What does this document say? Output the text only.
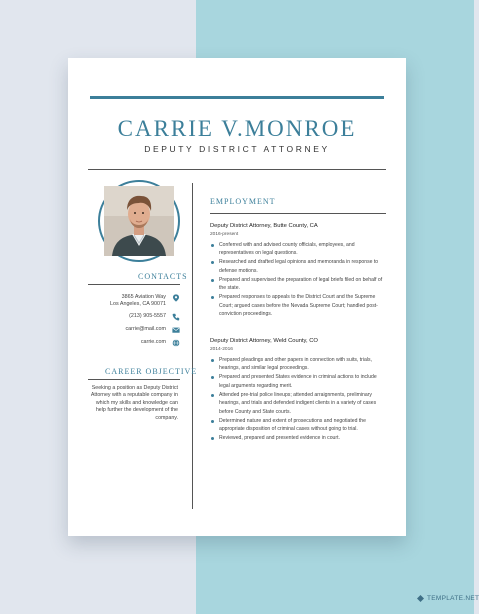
CARRIE V.MONROE
DEPUTY DISTRICT ATTORNEY
CONTACTS
3865 Aviation Way
Los Angeles, CA 90071
(213) 905-5557
carrie@mail.com
carrie.com
CAREER OBJECTIVE
Seeking a position as Deputy District Attorney with a reputable company in which my skills and knowledge can help further the development of the company.
EMPLOYMENT
Deputy District Attorney, Butte County, CA
2016-present
Conferred with and advised county officials, employees, and representatives on legal questions.
Researched and drafted legal opinions and memoranda in response to defense motions.
Prepared and supervised the preparation of legal briefs filed on behalf of the state.
Prepared responses to appeals to the District Court and the Supreme Court; argued cases before the Nevada Supreme Court; handled post-conviction proceedings.
Deputy District Attorney, Weld County, CO
2014-2016
Prepared pleadings and other papers in connection with suits, trials, hearings, and similar legal proceedings.
Prepared and presented States evidence in criminal actions to include legal arguments regarding merit.
Attended pre-trial police lineups; attended arraignments, preliminary hearings, and trials and defended indigent clients in a variety of cases before County and State courts.
Determined nature and extent of prosecutions and negotiated the appropriate disposition of criminal cases without going to trial.
Reviewed, prepared and presented evidence in court.
TEMPLATE.NET
